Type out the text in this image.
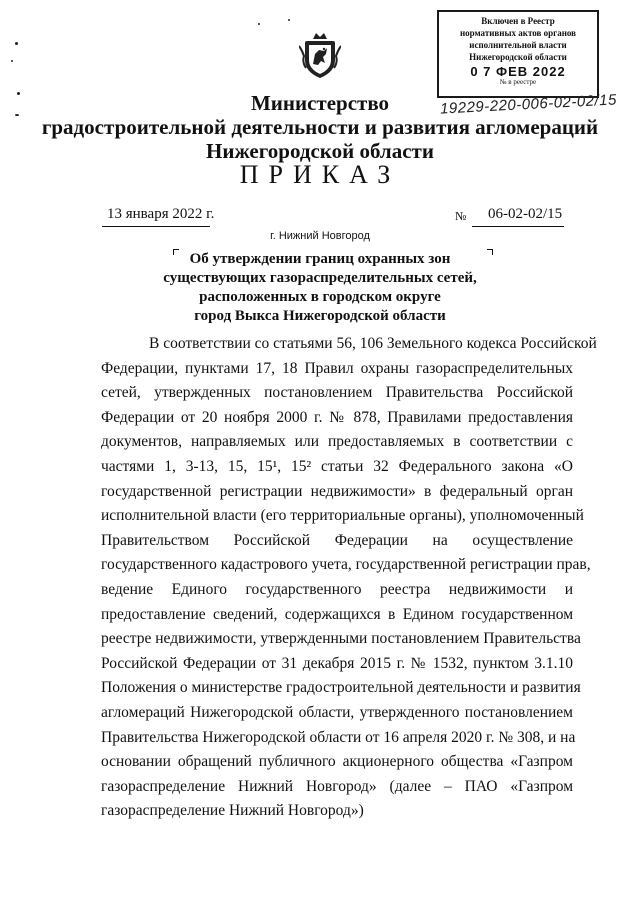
Включен в Реестр
нормативных актов органов
исполнительной власти
Нижегородской области
0 7 ФЕВ 2022
№ в реестре
19229-220-006-02-02/15
Министерство
градостроительной деятельности и развития агломераций
Нижегородской области
ПРИКАЗ
13 января 2022 г.	№ 06-02-02/15
г. Нижний Новгород
Об утверждении границ охранных зон
существующих газораспределительных сетей,
расположенных в городском округе
город Выкса Нижегородской области
В соответствии со статьями 56, 106 Земельного кодекса Российской
Федерации, пунктами 17, 18 Правил охраны газораспределительных
сетей, утвержденных постановлением Правительства Российской
Федерации от 20 ноября 2000 г. № 878, Правилами предоставления
документов, направляемых или предоставляемых в соответствии с
частями 1, 3-13, 15, 15¹, 15² статьи 32 Федерального закона «О
государственной регистрации недвижимости» в федеральный орган
исполнительной власти (его территориальные органы), уполномоченный
Правительством Российской Федерации на осуществление
государственного кадастрового учета, государственной регистрации прав,
ведение Единого государственного реестра недвижимости и
предоставление сведений, содержащихся в Едином государственном
реестре недвижимости, утвержденными постановлением Правительства
Российской Федерации от 31 декабря 2015 г. № 1532, пунктом 3.1.10
Положения о министерстве градостроительной деятельности и развития
агломераций Нижегородской области, утвержденного постановлением
Правительства Нижегородской области от 16 апреля 2020 г. № 308, и на
основании обращений публичного акционерного общества «Газпром
газораспределение Нижний Новгород» (далее – ПАО «Газпром
газораспределение Нижний Новгород»)
